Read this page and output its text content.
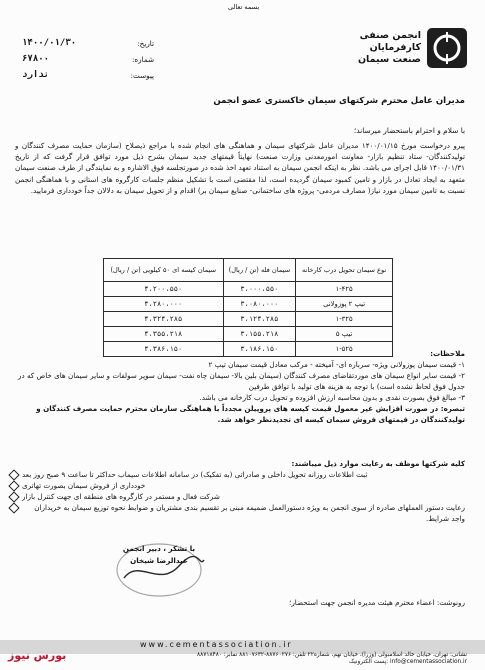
بسمه تعالی
تاریخ:
۱۴۰۰/۰۱/۳۰
شماره:
۶۷۸۰۰
پیوست:
ندارد
انجمن صنفی
کارفرمایان
صنعت سیمان
مدیران عامل محترم شرکتهای سیمان خاکستری عضو انجمن
با سلام و احترام باستحضار میرساند؛
پیرو درخواست مورخ ۱۴۰۰/۰۱/۱۵ مدیران عامل شرکتهای سیمان و هماهنگی های انجام شده با مراجع ذیصلاح (سازمان حمایت مصرف کنندگان و تولیدکنندگان- ستاد تنظیم بازار- معاونت امورمعدنی وزارت صنعت) نهایتاً قیمتهای جدید سیمان بشرح ذیل مورد توافق قرار گرفت که از تاریخ ۱۴۰۰/۰۱/۳۱ قابل اجرای می باشد. نظر به اینکه انجمن سیمان به استناد تعهد اخذ شده در صورتجلسه فوق الاشاره و به نمایندگی از طرف صنعت سیمان متعهد به ایجاد تعادل در بازار و تامین کمبود سیمان گردیده است، لذا مقتضی است با تشکیل منظم جلسات کارگروه های استانی و با هماهنگی انجمن نسبت به تامین سیمان مورد نیاز( مصارف مردمی- پروژه های ساختمانی- صنایع سیمان بر) اقدام و از تحویل سیمان به دلالان جداً خودداری فرمایید.
نوع سیمان تحویل درب کارخانه	سیمان فله (تن / ریال)	سیمان کیسه ای ۵۰ کیلویی (تن / ریال)
۱-۴۲۵	۳،۰۰۰،۵۵۰	۴،۲۰۰،۵۵۰
تیپ ۲ پوزولانی	۳،۰۸۰،۰۰۰	۴،۲۸۰،۰۰۰
۱-۳۲۵	۳،۱۲۴،۲۸۵	۴،۳۲۴،۲۸۵
تیپ ۵	۳،۱۵۵،۲۱۸	۴،۳۵۵،۲۱۸
۱-۵۲۵	۳،۱۸۶،۱۵۰	۴،۳۸۶،۱۵۰	ملاحظات:
۱- قیمت سیمان پوزولانی ویژه- سرباره ای- آمیخته - مرکب معادل قیمت سیمان تیپ ۲
۲- قیمت سایر انواع سیمان های موردتقاضای مصرف کنندگان (سیمان بلین بالا- سیمان چاه نفت- سیمان سوپر سولفات و سایر سیمان های خاص که در جدول فوق لحاظ نشده است) با توجه به هزینه های تولید با توافق طرفین
۳- مبالغ فوق بصورت نقدی و بدون محاسبه ارزش افزوده و تحویل درب کارخانه می باشد.
تبصره: در صورت افزایش غیر معمول قیمت کیسه های پروپیلن مجدداً با هماهنگی سازمان محترم حمایت مصرف کنندگان و تولیدکنندگان در قیمتهای فروش سیمان کیسه ای تجدیدنظر خواهد شد.
کلیه شرکتها موظف به رعایت موارد ذیل میباشند:
ثبت اطلاعات روزانه تحویل داخلی و صادراتی (به تفکیک) در سامانه اطلاعات سیماب حداکثر تا ساعت ۹ صبح روز بعد
خودداری از فروش سیمان بصورت تهاتری
شرکت فعال و مستمر در کارگروه های منطقه ای جهت کنترل بازار
رعایت دستور العملهای صادره از سوی انجمن به ویژه دستورالعمل ضمیمه مبنی بر تقسیم بندی مشتریان و ضوابط نحوه توزیع سیمان به خریداران واجد شرایط.
با تشکر ، دبیر انجمن
عبدالرضا شیخان
رونوشت: اعضاء محترم هیئت مدیره انجمن جهت استحضار؛
www.cementassociation.ir
نشانی: تهران، خیابان خالد اسلامبولی (وزرا)، خیابان نهم، شماره۲۲ تلفن: ۸۸۷۶۰۲۷۶-۸۸۱۰۷۶۳۲ نمابر: ۸۸۷۱۸۴۸۰
info@cementassociation.ir :پست الکترونیک
بورس نیوز
